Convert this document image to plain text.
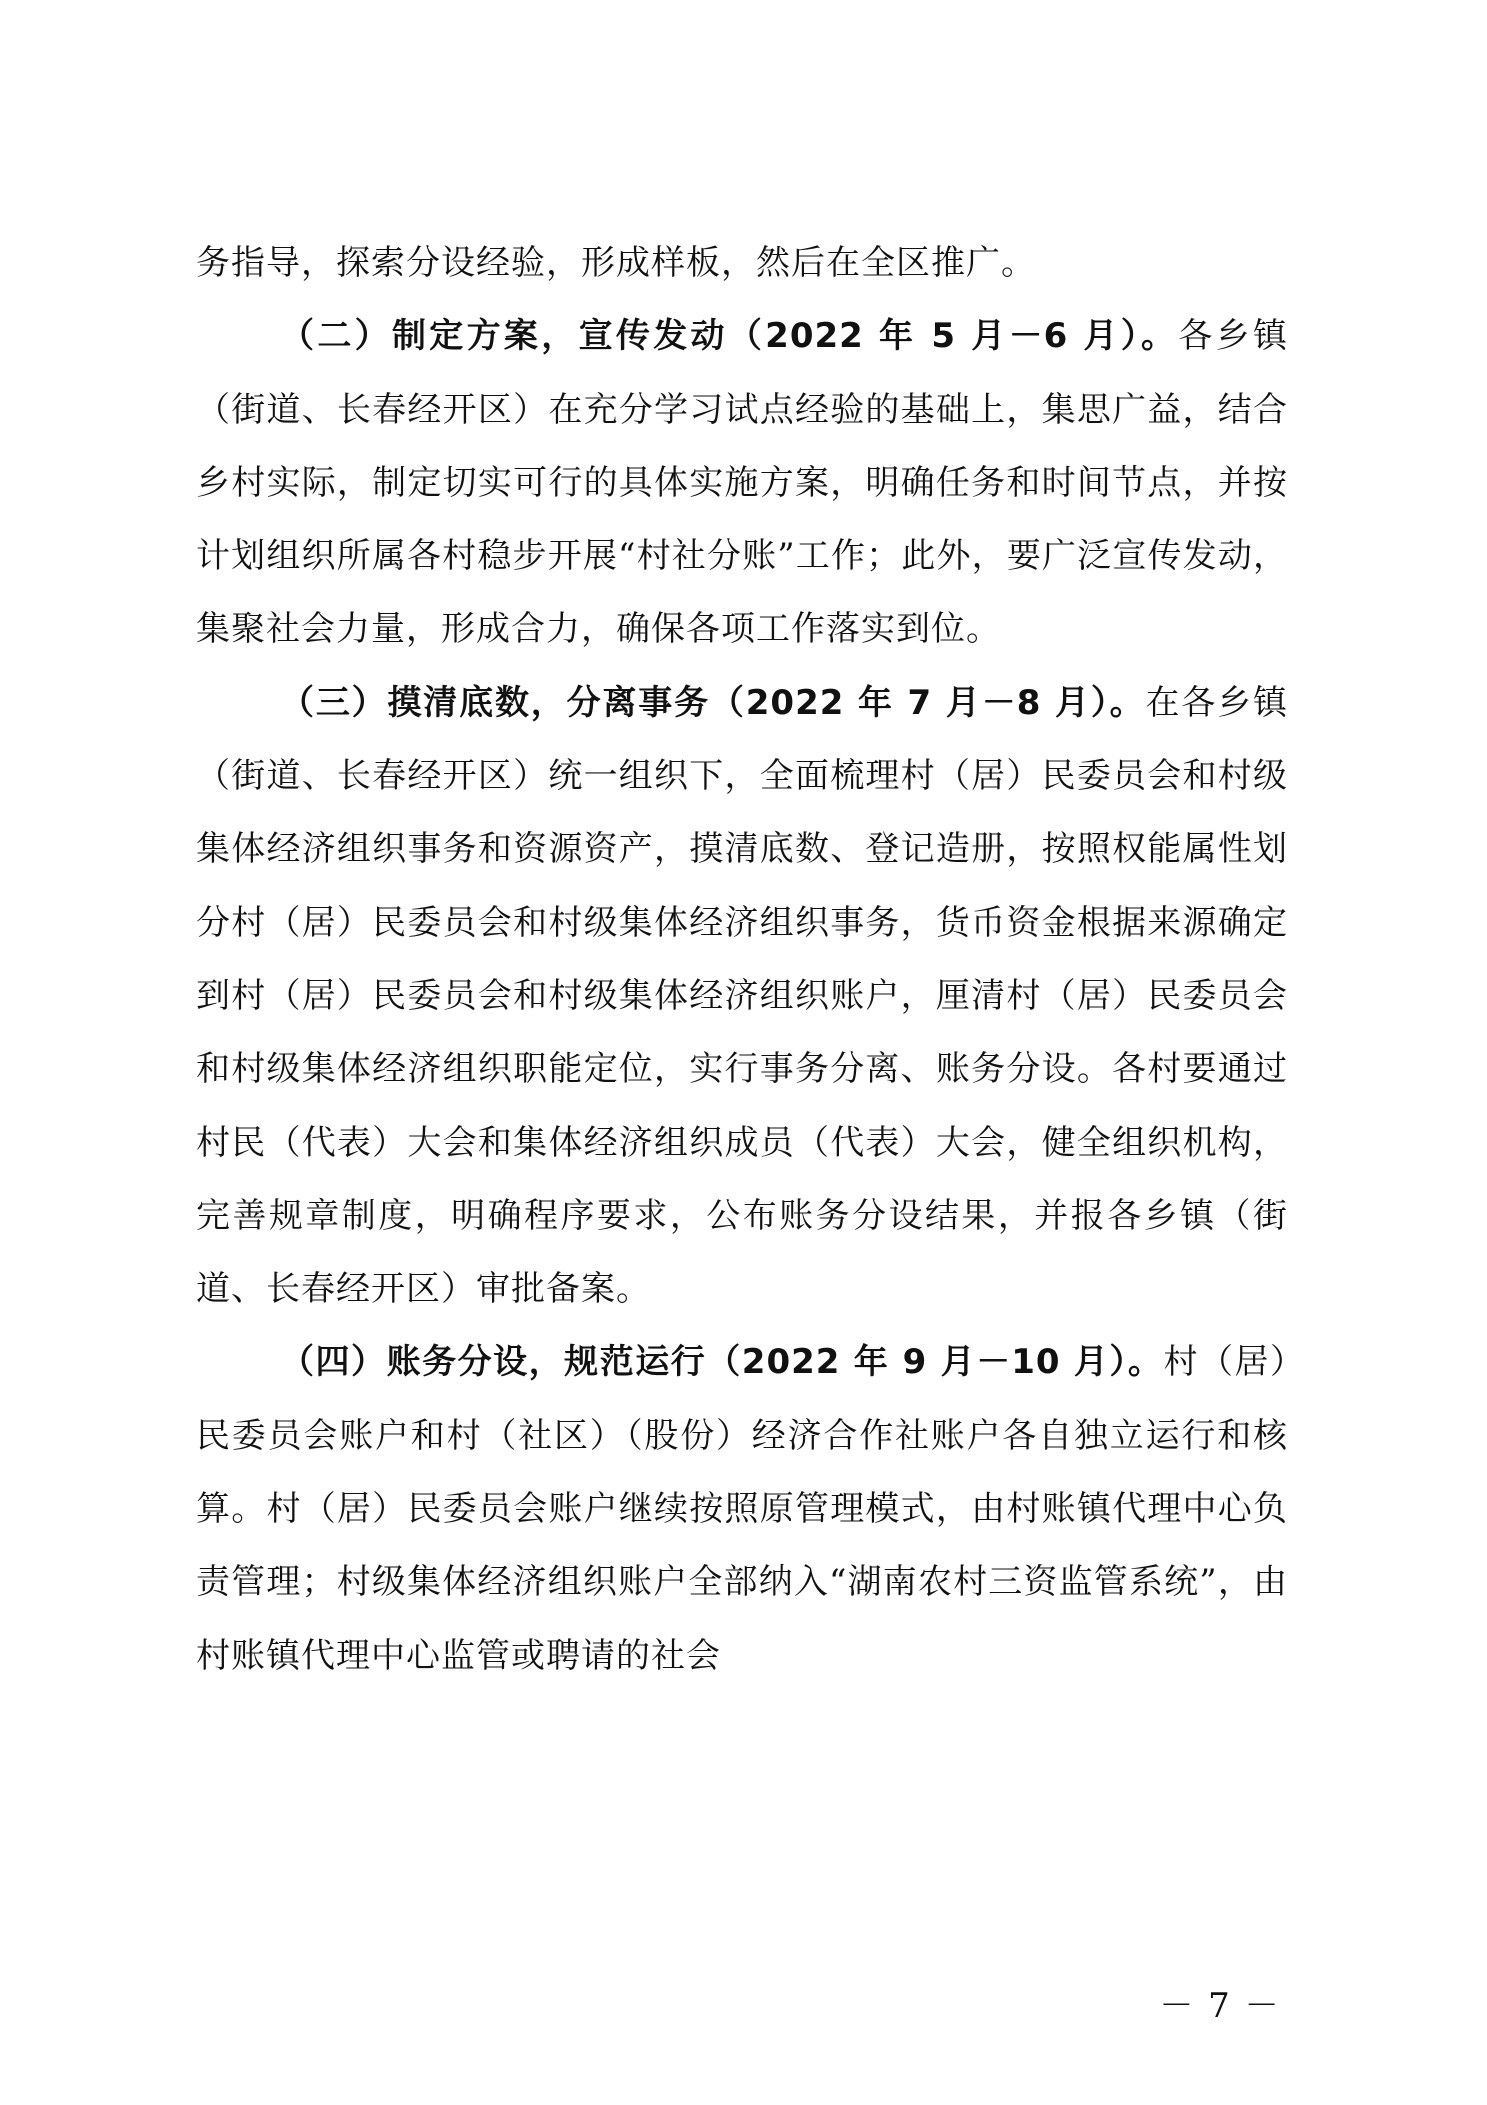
务指导，探索分设经验，形成样板，然后在全区推广。

（二）制定方案，宣传发动（2022 年 5 月－6 月）。各乡镇（街道、长春经开区）在充分学习试点经验的基础上，集思广益，结合乡村实际，制定切实可行的具体实施方案，明确任务和时间节点，并按计划组织所属各村稳步开展“村社分账”工作；此外，要广泛宣传发动，集聚社会力量，形成合力，确保各项工作落实到位。

（三）摸清底数，分离事务（2022 年 7 月－8 月）。在各乡镇（街道、长春经开区）统一组织下，全面梳理村（居）民委员会和村级集体经济组织事务和资源资产，摸清底数、登记造册，按照权能属性划分村（居）民委员会和村级集体经济组织事务，货币资金根据来源确定到村（居）民委员会和村级集体经济组织账户，厘清村（居）民委员会和村级集体经济组织职能定位，实行事务分离、账务分设。各村要通过村民（代表）大会和集体经济组织成员（代表）大会，健全组织机构，完善规章制度，明确程序要求，公布账务分设结果，并报各乡镇（街道、长春经开区）审批备案。

（四）账务分设，规范运行（2022 年 9 月－10 月）。村（居）民委员会账户和村（社区）（股份）经济合作社账户各自独立运行和核算。村（居）民委员会账户继续按照原管理模式，由村账镇代理中心负责管理；村级集体经济组织账户全部纳入“湖南农村三资监管系统”，由村账镇代理中心监管或聘请的社会

－ 7 －
